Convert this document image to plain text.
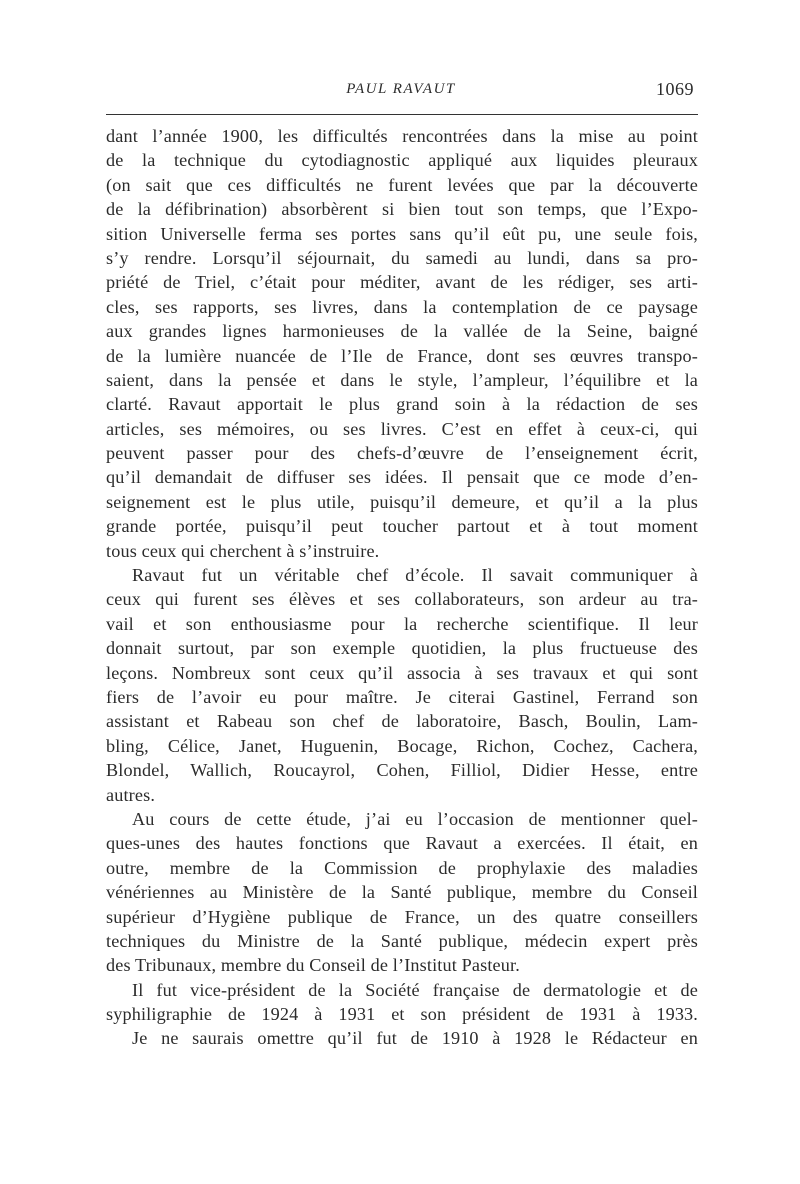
PAUL RAVAUT	1069
dant l’année 1900, les difficultés rencontrées dans la mise au point
de la technique du cytodiagnostic appliqué aux liquides pleuraux
(on sait que ces difficultés ne furent levées que par la découverte
de la défibrination) absorbèrent si bien tout son temps, que l’Expo-
sition Universelle ferma ses portes sans qu’il eût pu, une seule fois,
s’y rendre. Lorsqu’il séjournait, du samedi au lundi, dans sa pro-
priété de Triel, c’était pour méditer, avant de les rédiger, ses arti-
cles, ses rapports, ses livres, dans la contemplation de ce paysage
aux grandes lignes harmonieuses de la vallée de la Seine, baigné
de la lumière nuancée de l’Ile de France, dont ses œuvres transpo-
saient, dans la pensée et dans le style, l’ampleur, l’équilibre et la
clarté. Ravaut apportait le plus grand soin à la rédaction de ses
articles, ses mémoires, ou ses livres. C’est en effet à ceux-ci, qui
peuvent passer pour des chefs-d’œuvre de l’enseignement écrit,
qu’il demandait de diffuser ses idées. Il pensait que ce mode d’en-
seignement est le plus utile, puisqu’il demeure, et qu’il a la plus
grande portée, puisqu’il peut toucher partout et à tout moment
tous ceux qui cherchent à s’instruire.
Ravaut fut un véritable chef d’école. Il savait communiquer à
ceux qui furent ses élèves et ses collaborateurs, son ardeur au tra-
vail et son enthousiasme pour la recherche scientifique. Il leur
donnait surtout, par son exemple quotidien, la plus fructueuse des
leçons. Nombreux sont ceux qu’il associa à ses travaux et qui sont
fiers de l’avoir eu pour maître. Je citerai Gastinel, Ferrand son
assistant et Rabeau son chef de laboratoire, Basch, Boulin, Lam-
bling, Célice, Janet, Huguenin, Bocage, Richon, Cochez, Cachera,
Blondel, Wallich, Roucayrol, Cohen, Filliol, Didier Hesse, entre
autres.
Au cours de cette étude, j’ai eu l’occasion de mentionner quel-
ques-unes des hautes fonctions que Ravaut a exercées. Il était, en
outre, membre de la Commission de prophylaxie des maladies
vénériennes au Ministère de la Santé publique, membre du Conseil
supérieur d’Hygiène publique de France, un des quatre conseillers
techniques du Ministre de la Santé publique, médecin expert près
des Tribunaux, membre du Conseil de l’Institut Pasteur.
Il fut vice-président de la Société française de dermatologie et de
syphiligraphie de 1924 à 1931 et son président de 1931 à 1933.
Je ne saurais omettre qu’il fut de 1910 à 1928 le Rédacteur en
